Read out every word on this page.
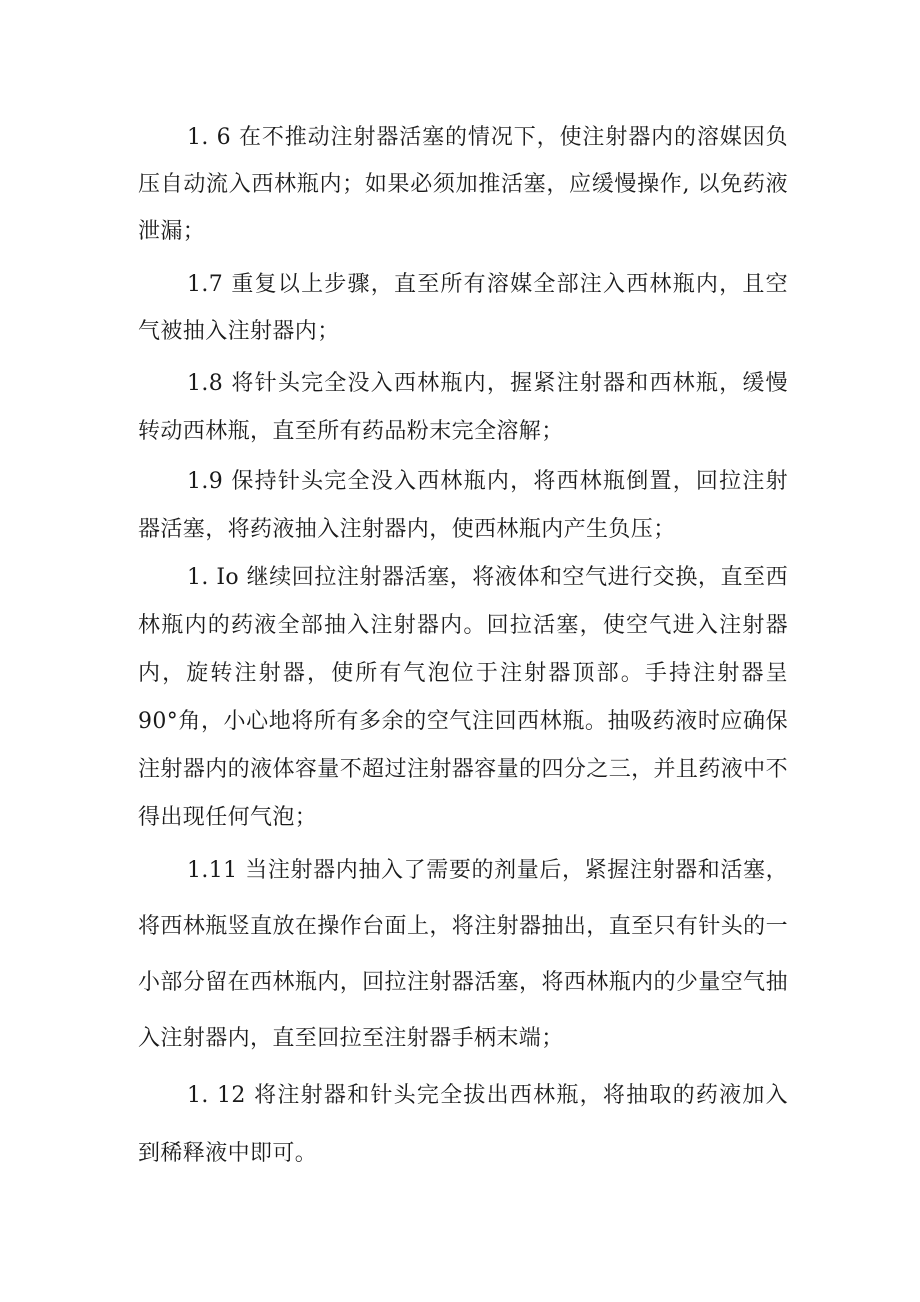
1. 6 在不推动注射器活塞的情况下，使注射器内的溶媒因负压自动流入西林瓶内；如果必须加推活塞，应缓慢操作, 以免药液泄漏；

1.7 重复以上步骤，直至所有溶媒全部注入西林瓶内，且空气被抽入注射器内；

1.8 将针头完全没入西林瓶内，握紧注射器和西林瓶，缓慢转动西林瓶，直至所有药品粉末完全溶解；

1.9 保持针头完全没入西林瓶内，将西林瓶倒置，回拉注射器活塞，将药液抽入注射器内，使西林瓶内产生负压；

1. Io 继续回拉注射器活塞，将液体和空气进行交换，直至西林瓶内的药液全部抽入注射器内。回拉活塞，使空气进入注射器内，旋转注射器，使所有气泡位于注射器顶部。手持注射器呈 90°角，小心地将所有多余的空气注回西林瓶。抽吸药液时应确保注射器内的液体容量不超过注射器容量的四分之三，并且药液中不得出现任何气泡；

1.11 当注射器内抽入了需要的剂量后，紧握注射器和活塞，将西林瓶竖直放在操作台面上，将注射器抽出，直至只有针头的一小部分留在西林瓶内，回拉注射器活塞，将西林瓶内的少量空气抽入注射器内，直至回拉至注射器手柄末端；

1. 12 将注射器和针头完全拔出西林瓶，将抽取的药液加入到稀释液中即可。
